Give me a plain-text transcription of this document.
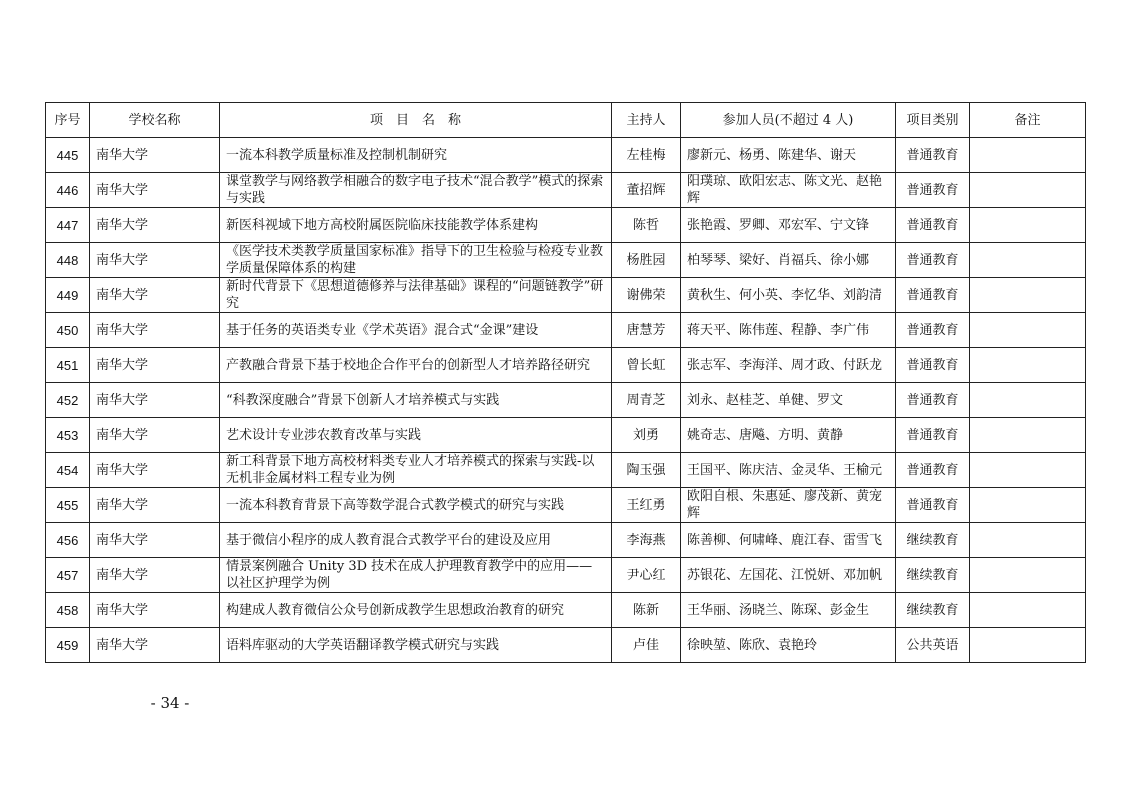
序号	学校名称	项　目　名　称	主持人	参加人员(不超过 4 人)	项目类别	备注
445	南华大学	一流本科教学质量标准及控制机制研究	左桂梅	廖新元、杨勇、陈建华、谢天	普通教育	
446	南华大学	课堂教学与网络教学相融合的数字电子技术“混合教学”模式的探索与实践	董招辉	阳璞琼、欧阳宏志、陈文光、赵艳辉	普通教育	
447	南华大学	新医科视域下地方高校附属医院临床技能教学体系建构	陈哲	张艳霞、罗卿、邓宏军、宁文锋	普通教育	
448	南华大学	《医学技术类教学质量国家标准》指导下的卫生检验与检疫专业教学质量保障体系的构建	杨胜园	柏琴琴、梁好、肖福兵、徐小娜	普通教育	
449	南华大学	新时代背景下《思想道德修养与法律基础》课程的“问题链教学”研究	谢佛荣	黄秋生、何小英、李忆华、刘韵清	普通教育	
450	南华大学	基于任务的英语类专业《学术英语》混合式“金课”建设	唐慧芳	蒋天平、陈伟莲、程静、李广伟	普通教育	
451	南华大学	产教融合背景下基于校地企合作平台的创新型人才培养路径研究	曾长虹	张志军、李海洋、周才政、付跃龙	普通教育	
452	南华大学	“科教深度融合”背景下创新人才培养模式与实践	周青芝	刘永、赵桂芝、单健、罗文	普通教育	
453	南华大学	艺术设计专业涉农教育改革与实践	刘勇	姚奇志、唐飚、方明、黄静	普通教育	
454	南华大学	新工科背景下地方高校材料类专业人才培养模式的探索与实践-以无机非金属材料工程专业为例	陶玉强	王国平、陈庆洁、金灵华、王榆元	普通教育	
455	南华大学	一流本科教育背景下高等数学混合式教学模式的研究与实践	王红勇	欧阳自根、朱惠延、廖茂新、黄宠辉	普通教育	
456	南华大学	基于微信小程序的成人教育混合式教学平台的建设及应用	李海燕	陈善柳、何啸峰、鹿江春、雷雪飞	继续教育	
457	南华大学	情景案例融合 Unity 3D 技术在成人护理教育教学中的应用——以社区护理学为例	尹心红	苏银花、左国花、江悦妍、邓加帆	继续教育	
458	南华大学	构建成人教育微信公众号创新成教学生思想政治教育的研究	陈新	王华丽、汤晓兰、陈琛、彭金生	继续教育	
459	南华大学	语料库驱动的大学英语翻译教学模式研究与实践	卢佳	徐映堃、陈欣、袁艳玲	公共英语	
- 34 -
